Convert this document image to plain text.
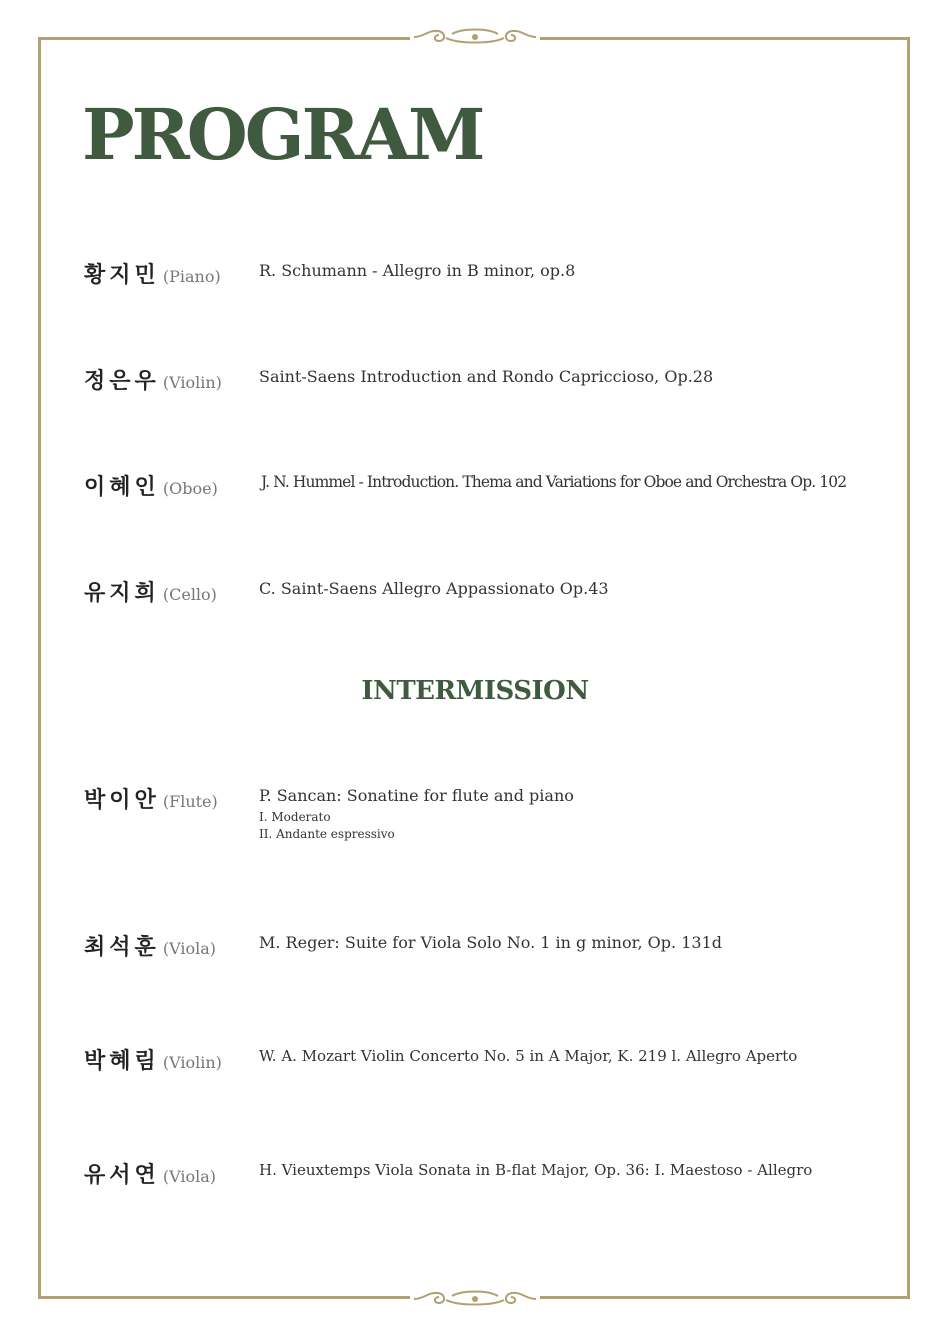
PROGRAM
황지민 (Piano) R. Schumann - Allegro in B minor, op.8
정은우 (Violin) Saint-Saens Introduction and Rondo Capriccioso, Op.28
이혜인 (Oboe)	J. N. Hummel - Introduction. Thema and Variations for Oboe and Orchestra Op. 102
유지희 (Cello)	C. Saint-Saens Allegro Appassionato Op.43
INTERMISSION
박이안 (Flute)	P. Sancan: Sonatine for flute and piano
I. Moderato
II. Andante espressivo
최석훈 (Viola)	M. Reger: Suite for Viola Solo No. 1 in g minor, Op. 131d
박혜림 (Violin) W. A. Mozart Violin Concerto No. 5 in A Major, K. 219 l. Allegro Aperto
유서연 (Viola)	H. Vieuxtemps Viola Sonata in B-flat Major, Op. 36: I. Maestoso - Allegro
